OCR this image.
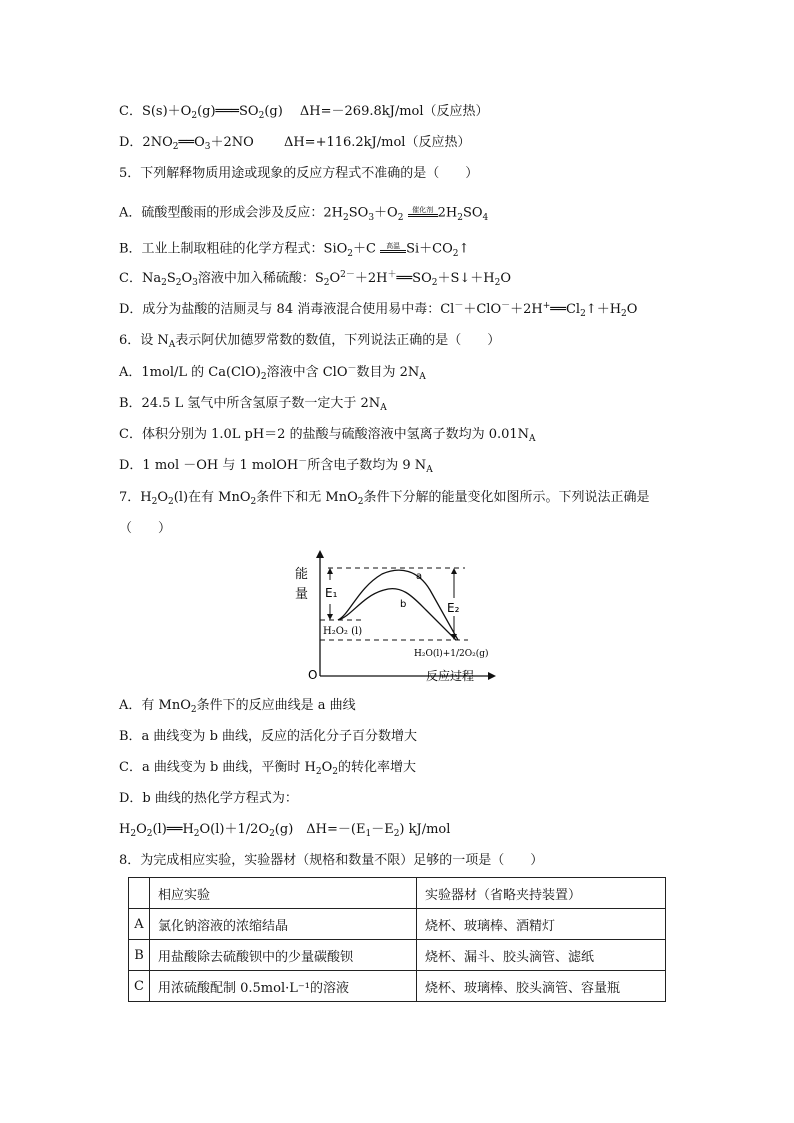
C．$S(s)+O_2(g)═══SO_2(g)$　 ΔH=－269.8kJ/mol（反应热）
D．$2NO_2══O_3+2NO$　　 ΔH=+116.2kJ/mol（反应热）
5．下列解释物质用途或现象的反应方程式不准确的是（　　）
A．硫酸型酸雨的形成会涉及反应：$2H_2SO_3+O_2$
催化剂 $2H_2SO_4$
B．工业上制取粗硅的化学方程式：SiO$_2$＋C	高温 $Si+CO_2↑$
C．$Na_2S_2O_3$溶液中加入稀硫酸：$S_2O^{2-}+2H^+══SO_2+S↓+H_2O$
D．成分为盐酸的洁厕灵与 84 消毒液混合使用易中毒：$Cl^-+ClO^-+2H^+══Cl_2↑+H_2O$
6．设 $N_A$表示阿伏加德罗常数的数值，下列说法正确的是（　　）
A．1mol/L 的 $Ca(ClO)_2$溶液中含 ClO－数目为 $2N_A$
B．24.5 L 氢气中所含氢原子数一定大于 $2N_A$
C．体积分别为 1.0L pH＝2 的盐酸与硫酸溶液中氢离子数均为 $0.01N_A$
D．1 mol －OH 与 1 molOH－所含电子数均为 9 $N_A$
7．$H_2O_2(l)$在有 MnO$_2$条件下和无 MnO$_2$条件下分解的能量变化如图所示。下列说法正确是
（　　）
能
量
O	反应过程
a
b
E₁
E₂
H₂O₂ (l)
H₂O(l)+1/2O₂(g)
A．有 MnO$_2$条件下的反应曲线是 a 曲线
B．a 曲线变为 b 曲线，反应的活化分子百分数增大
C．a 曲线变为 b 曲线，平衡时 $H_2O_2$的转化率增大
D．b 曲线的热化学方程式为：
$H_2O_2(l)══H_2O(l)+1/2O_2(g)$　$\Delta H=-(E_1-E_2)$ kJ/mol
8．为完成相应实验，实验器材（规格和数量不限）足够的一项是（　　）
	相应实验	实验器材（省略夹持装置）
A	氯化钠溶液的浓缩结晶	烧杯、玻璃棒、酒精灯
B	用盐酸除去硫酸钡中的少量碳酸钡	烧杯、漏斗、胶头滴管、滤纸
C	用浓硫酸配制 0.5mol·L⁻¹的溶液	烧杯、玻璃棒、胶头滴管、容量瓶
